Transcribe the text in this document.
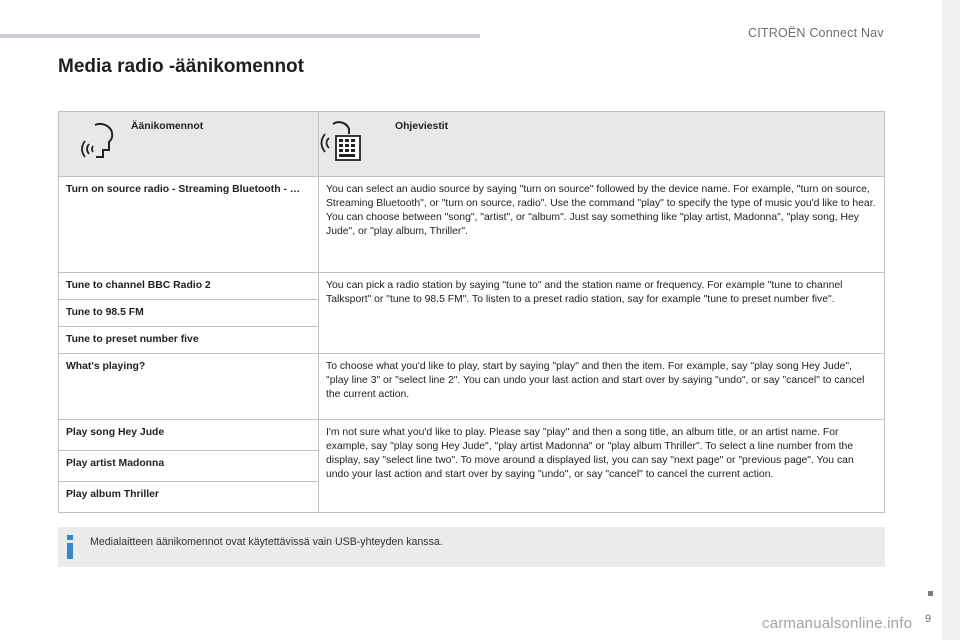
CITROËN Connect Nav
Media radio -äänikomennot
Äänikomennot	Ohjeviestit

Turn on source radio - Streaming Bluetooth - …	You can select an audio source by saying "turn on source" followed by the device name. For example, "turn on source, Streaming Bluetooth", or "turn on source, radio". Use the command "play" to specify the type of music you'd like to hear. You can choose between "song", "artist", or "album". Just say something like "play artist, Madonna", "play song, Hey Jude", or "play album, Thriller".
Tune to channel BBC Radio 2	You can pick a radio station by saying "tune to" and the station name or frequency. For example "tune to channel Talksport" or "tune to 98.5 FM". To listen to a preset radio station, say for example "tune to preset number five".
Tune to 98.5 FM	
Tune to preset number five	
What's playing?	To choose what you'd like to play, start by saying "play" and then the item. For example, say "play song Hey Jude", "play line 3" or "select line 2". You can undo your last action and start over by saying "undo", or say "cancel" to cancel the current action.
Play song Hey Jude	I'm not sure what you'd like to play. Please say "play" and then a song title, an album title, or an artist name. For example, say "play song Hey Jude", "play artist Madonna" or "play album Thriller". To select a line number from the display, say "select line two". To move around a displayed list, you can say "next page" or "previous page". You can undo your last action and start over by saying "undo", or say "cancel" to cancel the current action.
Play artist Madonna	
Play album Thriller	
Medialaitteen äänikomennot ovat käytettävissä vain USB-yhteyden kanssa.
9
carmanualsonline.info
